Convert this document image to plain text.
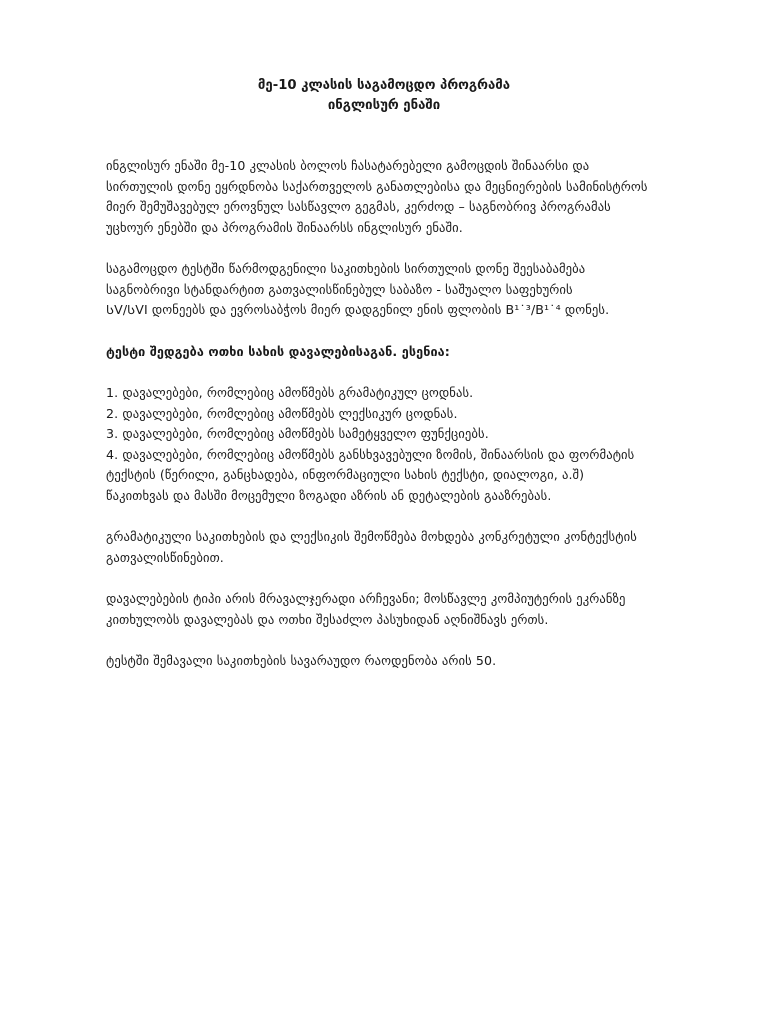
მე-10 კლასის საგამოცდო პროგრამა
ინგლისურ ენაში

ინგლისურ ენაში მე-10 კლასის ბოლოს ჩასატარებელი გამოცდის შინაარსი და
სირთულის დონე ეყრდნობა საქართველოს განათლებისა და მეცნიერების სამინისტროს
მიერ შემუშავებულ ეროვნულ სასწავლო გეგმას, კერძოდ – საგნობრივ პროგრამას
უცხოურ ენებში და პროგრამის შინაარსს ინგლისურ ენაში.

საგამოცდო ტესტში წარმოდგენილი საკითხების სირთულის დონე შეესაბამება
საგნობრივი სტანდარტით გათვალისწინებულ საბაზო - საშუალო საფეხურის
ᲡV/ᲡVI დონეებს და ევროსაბჭოს მიერ დადგენილ ენის ფლობის B¹˙³/B¹˙⁴ დონეს.

ტესტი შედგება ოთხი სახის დავალებისაგან. ესენია:

1. დავალებები, რომლებიც ამოწმებს გრამატიკულ ცოდნას.
2. დავალებები, რომლებიც ამოწმებს ლექსიკურ ცოდნას.
3. დავალებები, რომლებიც ამოწმებს სამეტყველო ფუნქციებს.
4. დავალებები, რომლებიც ამოწმებს განსხვავებული ზომის, შინაარსის და ფორმატის
ტექსტის (წერილი, განცხადება, ინფორმაციული სახის ტექსტი, დიალოგი, ა.შ)
წაკითხვას და მასში მოცემული ზოგადი აზრის ან დეტალების გააზრებას.

გრამატიკული საკითხების და ლექსიკის შემოწმება მოხდება კონკრეტული კონტექსტის
გათვალისწინებით.

დავალებების ტიპი არის მრავალჯერადი არჩევანი; მოსწავლე კომპიუტერის ეკრანზე
კითხულობს დავალებას და ოთხი შესაძლო პასუხიდან აღნიშნავს ერთს.

ტესტში შემავალი საკითხების სავარაუდო რაოდენობა არის 50.
